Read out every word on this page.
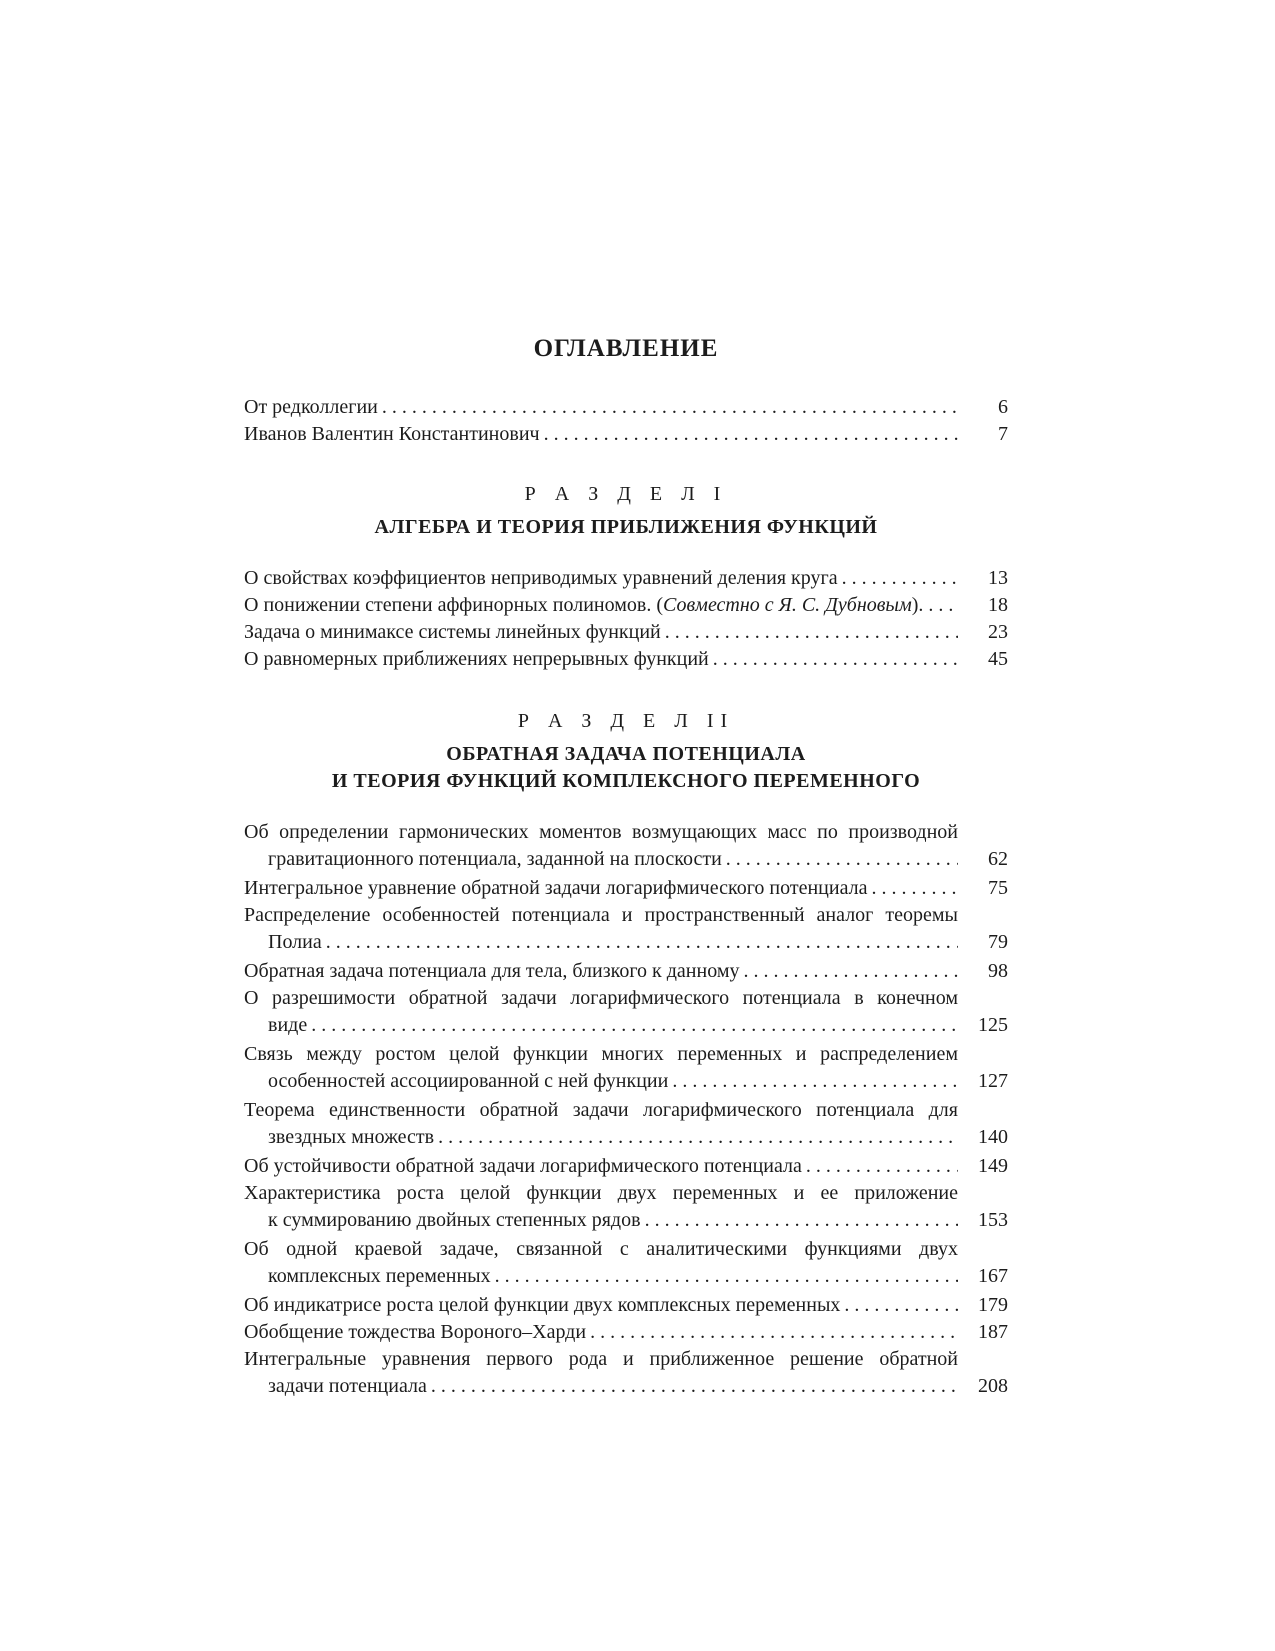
ОГЛАВЛЕНИЕ
От редколлегии . . .	6
Иванов Валентин Константинович . . .	7

Р А З Д Е Л I

АЛГЕБРА И ТЕОРИЯ ПРИБЛИЖЕНИЯ ФУНКЦИЙ

О свойствах коэффициентов неприводимых уравнений деления круга . . .	13
О понижении степени аффинорных полиномов. (Совместно с Я. С. Дубновым) . . .	18
Задача о минимаксе системы линейных функций . . .	23
О равномерных приближениях непрерывных функций . . .	45

Р А З Д Е Л II

ОБРАТНАЯ ЗАДАЧА ПОТЕНЦИАЛА

И ТЕОРИЯ ФУНКЦИЙ КОМПЛЕКСНОГО ПЕРЕМЕННОГО

Об определении гармонических моментов возмущающих масс по производной
гравитационного потенциала, заданной на плоскости . . .	62
Интегральное уравнение обратной задачи логарифмического потенциала . . .	75
Распределение особенностей потенциала и пространственный аналог теоремы
Полиа . . .	79
Обратная задача потенциала для тела, близкого к данному . . .	98
О разрешимости обратной задачи логарифмического потенциала в конечном
виде . . .	125
Связь между ростом целой функции многих переменных и распределением
особенностей ассоциированной с ней функции . . .	127
Теорема единственности обратной задачи логарифмического потенциала для
звездных множеств . . .	140
Об устойчивости обратной задачи логарифмического потенциала . . .	149
Характеристика роста целой функции двух переменных и ее приложение
к суммированию двойных степенных рядов . . .	153
Об одной краевой задаче, связанной с аналитическими функциями двух
комплексных переменных . . .	167
Об индикатрисе роста целой функции двух комплексных переменных . . .	179
Обобщение тождества Вороного–Харди . . .	187
Интегральные уравнения первого рода и приближенное решение обратной
задачи потенциала . . .	208
